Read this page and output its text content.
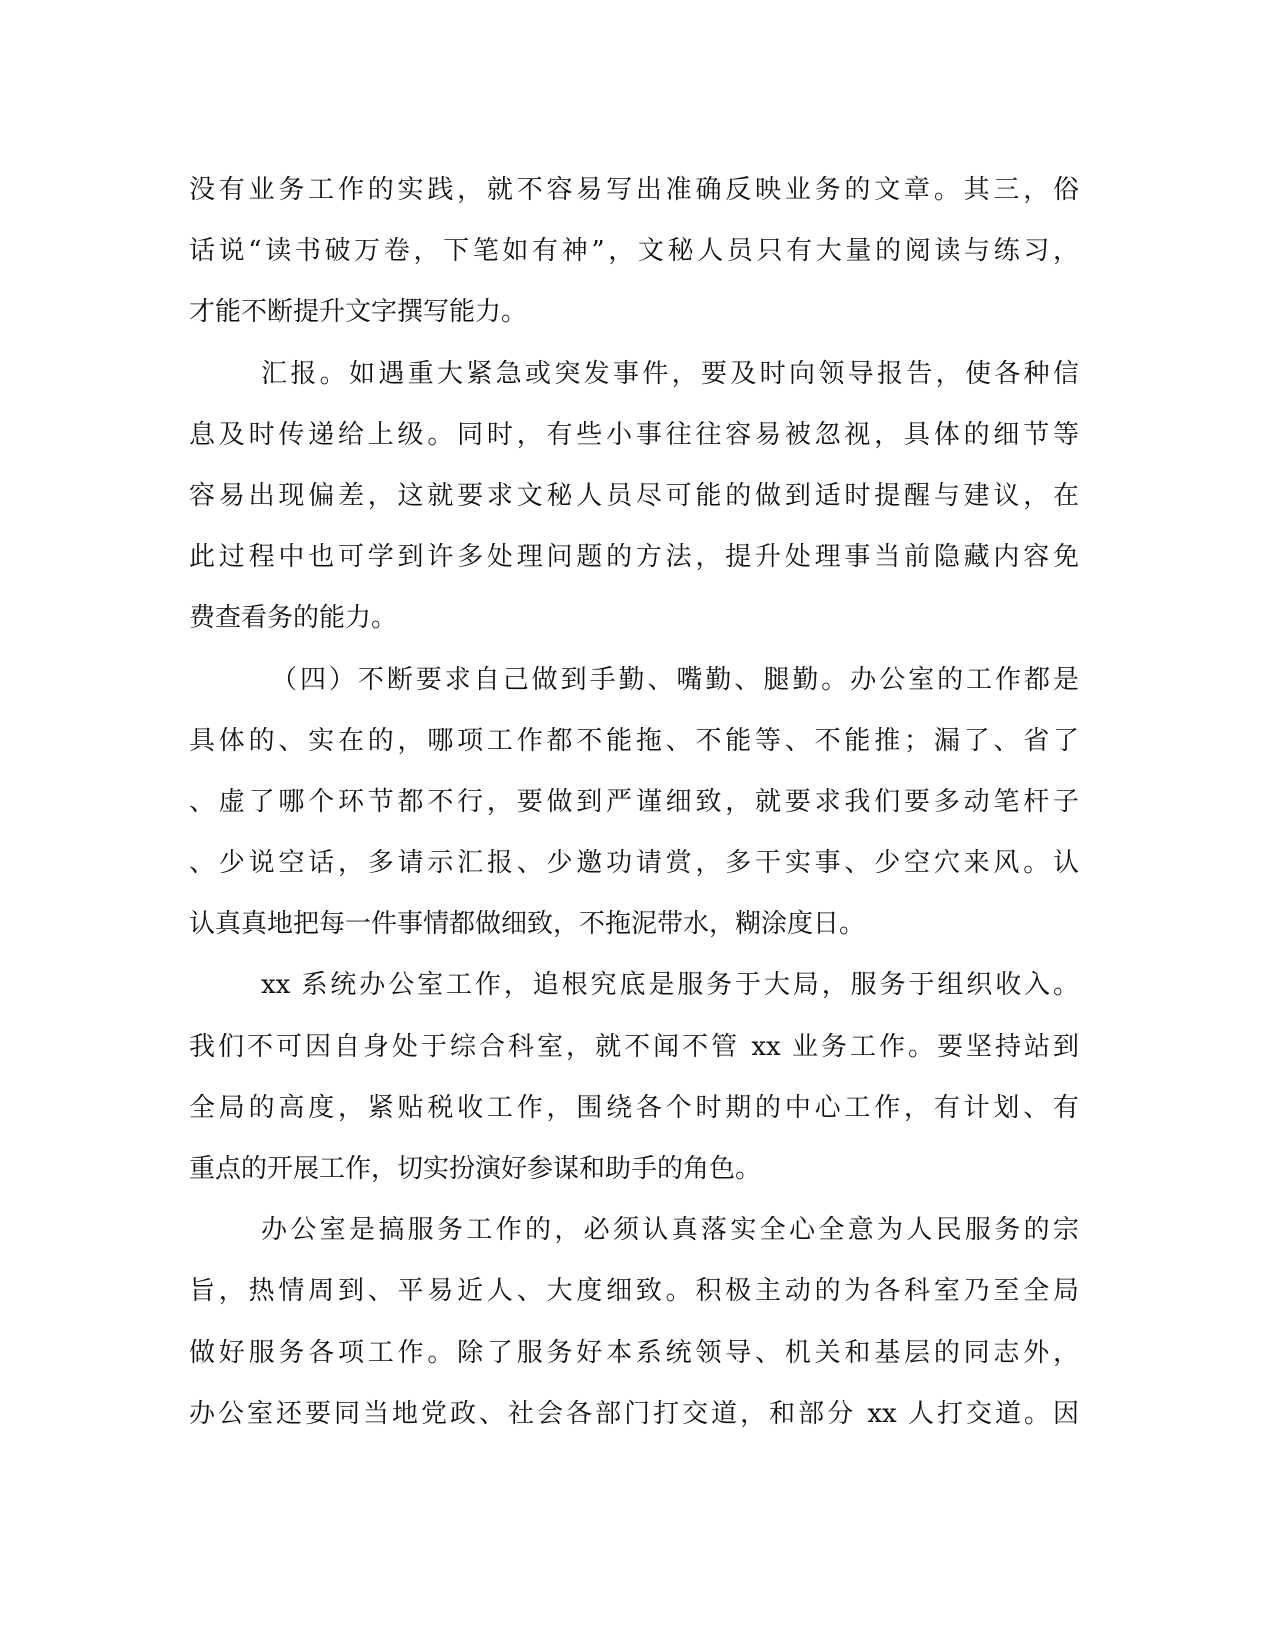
没有业务工作的实践，就不容易写出准确反映业务的文章。其三，俗
话说“读书破万卷，下笔如有神”，文秘人员只有大量的阅读与练习，
才能不断提升文字撰写能力。
汇报。如遇重大紧急或突发事件，要及时向领导报告，使各种信
息及时传递给上级。同时，有些小事往往容易被忽视，具体的细节等
容易出现偏差，这就要求文秘人员尽可能的做到适时提醒与建议，在
此过程中也可学到许多处理问题的方法，提升处理事当前隐藏内容免
费查看务的能力。
（四）不断要求自己做到手勤、嘴勤、腿勤。办公室的工作都是
具体的、实在的，哪项工作都不能拖、不能等、不能推；漏了、省了
、虚了哪个环节都不行，要做到严谨细致，就要求我们要多动笔杆子
、少说空话，多请示汇报、少邀功请赏，多干实事、少空穴来风。认
认真真地把每一件事情都做细致，不拖泥带水，糊涂度日。
xx 系统办公室工作，追根究底是服务于大局，服务于组织收入。
我们不可因自身处于综合科室，就不闻不管 xx 业务工作。要坚持站到
全局的高度，紧贴税收工作，围绕各个时期的中心工作，有计划、有
重点的开展工作，切实扮演好参谋和助手的角色。
办公室是搞服务工作的，必须认真落实全心全意为人民服务的宗
旨，热情周到、平易近人、大度细致。积极主动的为各科室乃至全局
做好服务各项工作。除了服务好本系统领导、机关和基层的同志外，
办公室还要同当地党政、社会各部门打交道，和部分 xx 人打交道。因
